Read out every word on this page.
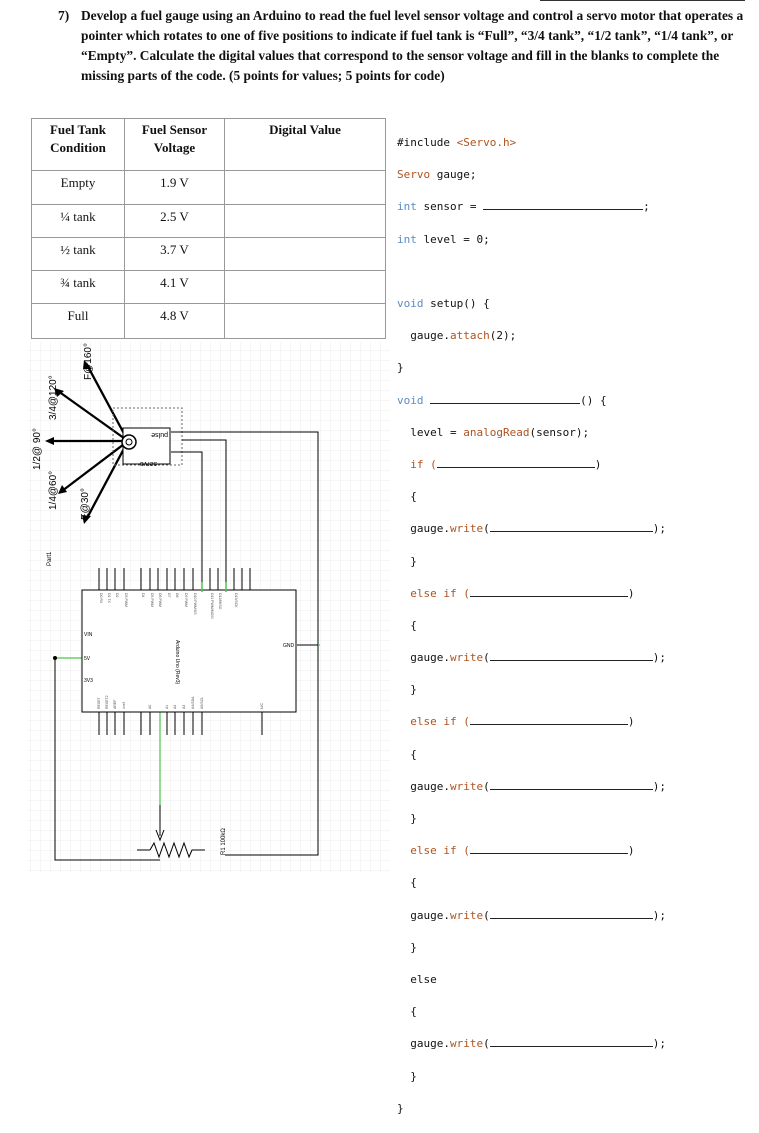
7) Develop a fuel gauge using an Arduino to read the fuel level sensor voltage and control a servo motor that operates a pointer which rotates to one of five positions to indicate if fuel tank is “Full”, “3/4 tank”, “1/2 tank”, “1/4 tank”, or “Empty”. Calculate the digital values that correspond to the sensor voltage and fill in the blanks to complete the missing parts of the code. (5 points for values; 5 points for code)
Fuel Tank Condition	Fuel Sensor Voltage	Digital Value
Empty	1.9 V	
¼ tank	2.5 V	
½ tank	3.7 V	
¾ tank	4.1 V	
Full	4.8 V	

#include <Servo.h>

Servo gauge;

int sensor =	;

int level = 0;

void setup() {

gauge.attach(2);

}

void	() {

level = analogRead(sensor);

if (	)

{

gauge.write(	);

}

else if (	)

{

gauge.write(	);

}

else if (	)

{

gauge.write(	);

}

else if (	)

{

gauge.write(	);

}

else

{

gauge.write(	);

}

}

F@160°
3/4@120°
1/2@ 90°
1/4@60° E@30°
Part1
pulse
servo
VIN
5V
3V3
GND
Arduino Uno (Rev3)
R1 100kΩ
D0 RX D1 TX D2 D3 PWM	D4 D5 PWM D6 PWM D7 D8 D9 PWM D10 PWM/SS	D11 PWM/MOSI D12/MISO	D13/SCK
RESET RESET2 AREF ioref	A0	A1 A2 A3 A4/SDA A5/SCL	N/C
